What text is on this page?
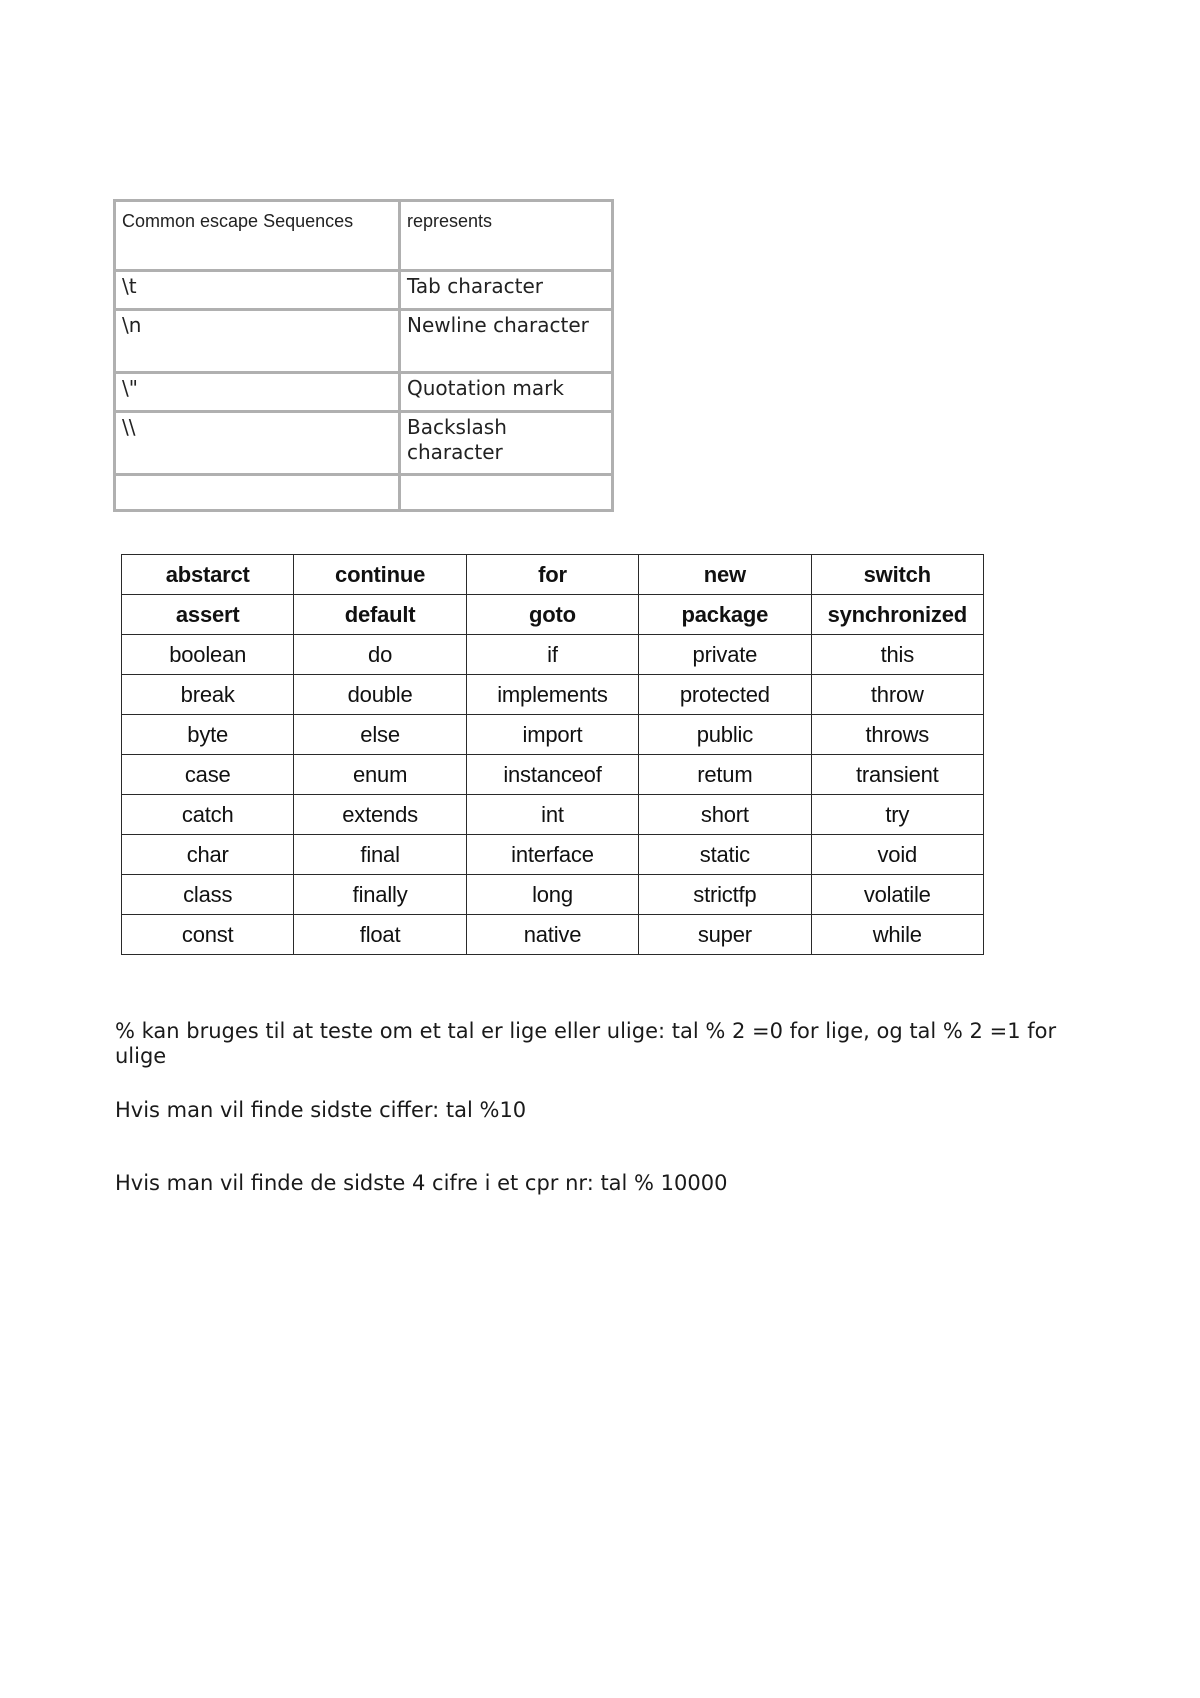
Common escape Sequences	represents
\t	Tab character
\n	Newline character
\"	Quotation mark
\\	Backslash character

abstarct	continue	for	new	switch
assert	default	goto	package	synchronized
boolean	do	if	private	this
break	double	implements	protected	throw
byte	else	import	public	throws
case	enum	instanceof	retum	transient
catch	extends	int	short	try
char	final	interface	static	void
class	finally	long	strictfp	volatile
const	float	native	super	while

% kan bruges til at teste om et tal er lige eller ulige: tal % 2 =0 for lige, og tal % 2 =1 for ulige

Hvis man vil finde sidste ciffer: tal %10

Hvis man vil finde de sidste 4 cifre i et cpr nr: tal % 10000
